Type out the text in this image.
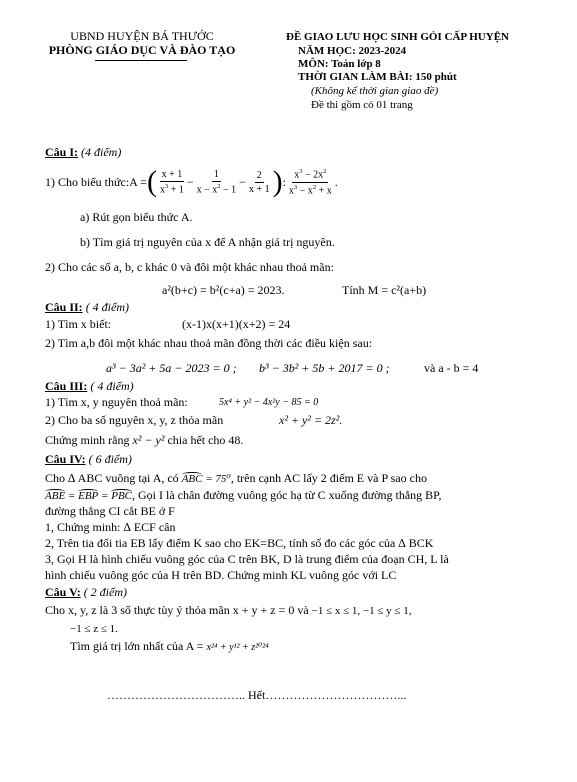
UBND HUYỆN BÁ THƯỚC
PHÒNG GIÁO DỤC VÀ ĐÀO TẠO
ĐỀ GIAO LƯU HỌC SINH GỎI CẤP HUYỆN
NĂM HỌC: 2023-2024
MÔN: Toán lớp 8
THỜI GIAN LÀM BÀI: 150 phút
(Không kể thời gian giao đề)
Đề thi gồm có 01 trang
Câu I: (4 điểm)
1) Cho biểu thức: A = ( $\frac{x + 1}{x^3 + 1} - \frac{1}{x - x^2 - 1} - \frac{2}{x + 1}$ ) : $\frac{x^3 - 2x^2}{x^3 - x^2 + x}$ .
a) Rút gọn biểu thức A.
b) Tìm giá trị nguyên của x để A nhận giá trị nguyên.
2) Cho các số a, b, c khác 0 và đôi một khác nhau thoả mãn:
a²(b+c) = b²(c+a) = 2023.	Tính M = c²(a+b)
Câu II: ( 4 điểm)
1) Tìm x biết:	(x-1)x(x+1)(x+2) = 24
2) Tìm a,b đôi một khác nhau thoả mãn đồng thời các điều kiện sau:
a³ − 3a² + 5a − 2023 = 0 ; b³ − 3b² + 5b + 2017 = 0 ;	và a - b = 4
Câu III: ( 4 điểm)
1) Tìm x, y nguyên thoả mãn:	5x⁴ + y² − 4x²y − 85 = 0
2) Cho ba số nguyên x, y, z thỏa mãn	x² + y² = 2z².
Chứng minh rằng x² − y² chia hết cho 48.
Câu IV: ( 6 điểm)
Cho ∆ ABC vuông tại A, có ABC = 75⁰, trên cạnh AC lấy 2 điểm E và P sao cho
ABE = EBP = PBC, Gọi I là chân đường vuông góc hạ từ C xuống đường thẳng BP,
đường thẳng CI cắt BE ở F
1, Chứng minh: ∆ ECF cân
2, Trên tia đối tia EB lấy điểm K sao cho EK=BC, tính số đo các góc của ∆ BCK
3, Gọi H là hình chiếu vuông góc của C trên BK, D là trung điểm của đoạn CH, L là
hình chiếu vuông góc của H trên BD. Chứng minh KL vuông góc với LC
Câu V: ( 2 điểm)
Cho x, y, z là 3 số thực tùy ý thỏa mãn x + y + z = 0 và −1 ≤ x ≤ 1, −1 ≤ y ≤ 1,
−1 ≤ z ≤ 1.
Tìm giá trị lớn nhất của A = x²⁴ + y¹² + z²⁰²⁴
…………………………….. Hết……………………………...
